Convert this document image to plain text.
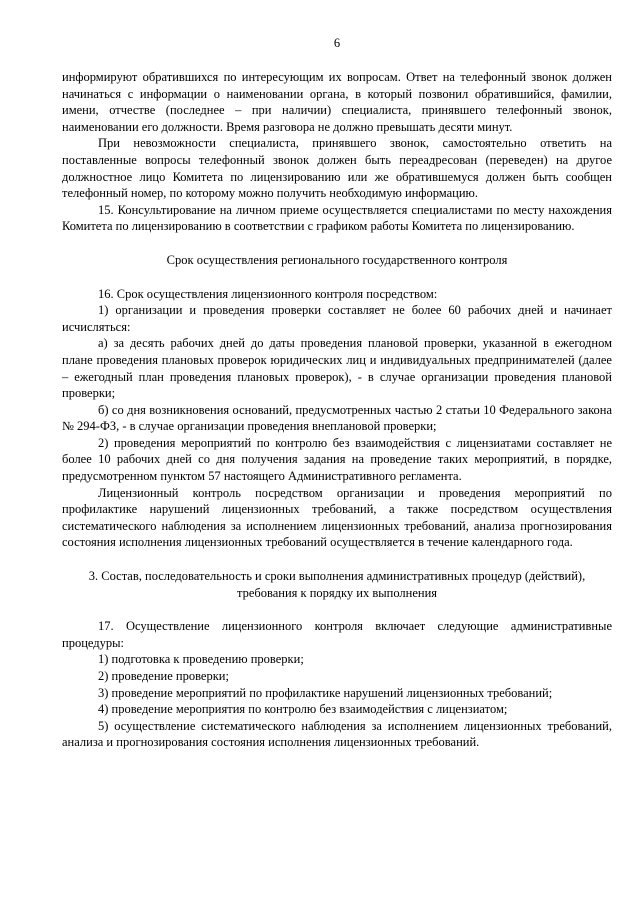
6

информируют обратившихся по интересующим их вопросам. Ответ на телефонный звонок должен начинаться с информации о наименовании органа, в который позвонил обратившийся, фамилии, имени, отчестве (последнее – при наличии) специалиста, принявшего телефонный звонок, наименовании его должности. Время разговора не должно превышать десяти минут.

При невозможности специалиста, принявшего звонок, самостоятельно ответить на поставленные вопросы телефонный звонок должен быть переадресован (переведен) на другое должностное лицо Комитета по лицензированию или же обратившемуся должен быть сообщен телефонный номер, по которому можно получить необходимую информацию.

15. Консультирование на личном приеме осуществляется специалистами по месту нахождения Комитета по лицензированию в соответствии с графиком работы Комитета по лицензированию.

Срок осуществления регионального государственного контроля

16. Срок осуществления лицензионного контроля посредством:

1) организации и проведения проверки составляет не более 60 рабочих дней и начинает исчисляться:

а) за десять рабочих дней до даты проведения плановой проверки, указанной в ежегодном плане проведения плановых проверок юридических лиц и индивидуальных предпринимателей (далее – ежегодный план проведения плановых проверок), - в случае организации проведения плановой проверки;

б) со дня возникновения оснований, предусмотренных частью 2 статьи 10 Федерального закона № 294-ФЗ, - в случае организации проведения внеплановой проверки;

2) проведения мероприятий по контролю без взаимодействия с лицензиатами составляет не более 10 рабочих дней со дня получения задания на проведение таких мероприятий, в порядке, предусмотренном пунктом 57 настоящего Административного регламента.

Лицензионный контроль посредством организации и проведения мероприятий по профилактике нарушений лицензионных требований, а также посредством осуществления систематического наблюдения за исполнением лицензионных требований, анализа прогнозирования состояния исполнения лицензионных требований осуществляется в течение календарного года.

3. Состав, последовательность и сроки выполнения административных процедур (действий), требования к порядку их выполнения

17. Осуществление лицензионного контроля включает следующие административные процедуры:

1) подготовка к проведению проверки;

2) проведение проверки;

3) проведение мероприятий по профилактике нарушений лицензионных требований;

4) проведение мероприятия по контролю без взаимодействия с лицензиатом;

5) осуществление систематического наблюдения за исполнением лицензионных требований, анализа и прогнозирования состояния исполнения лицензионных требований.
